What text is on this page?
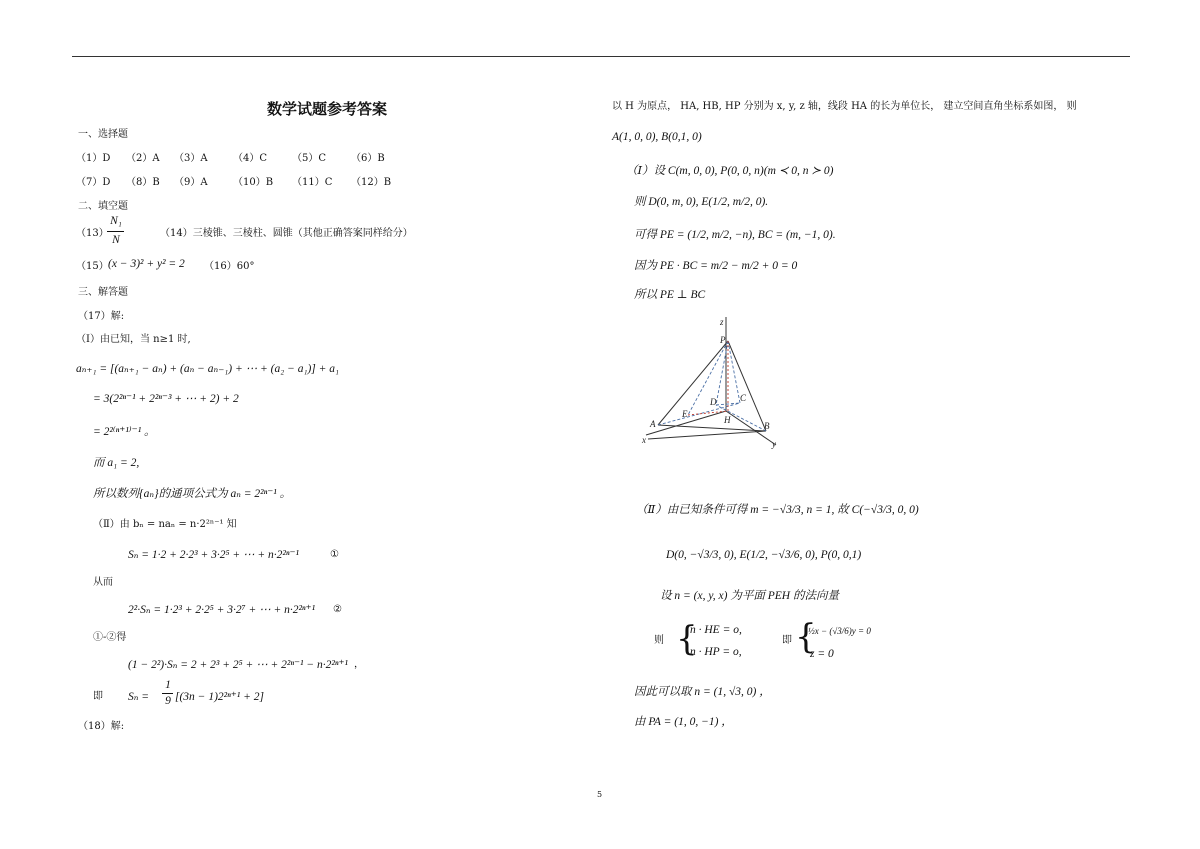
数学试题参考答案
一、选择题
（1）D （2）A （3）A	（4）C （5）C （6）B
（7）D （8）B （9）A	（10）B （11）C （12）B
二、填空题
（13）
N₁
N
（14）三棱锥、三棱柱、圆锥（其他正确答案同样给分）
（15） (x − 3)² + y² = 2 （16）60°
三、解答题
（17）解:
（Ⅰ）由已知，当 n≥1 时,
aₙ₊₁ = [(aₙ₊₁ − aₙ) + (aₙ − aₙ₋₁) + ⋯ + (a₂ − a₁)] + a₁
= 3(2²ⁿ⁻¹ + 2²ⁿ⁻³ + ⋯ + 2) + 2
= 2²⁽ⁿ⁺¹⁾⁻¹ 。
而 a₁ = 2,
所以数列{aₙ}的通项公式为 aₙ = 2²ⁿ⁻¹ 。
（Ⅱ）由 bₙ = naₙ = n·2²ⁿ⁻¹ 知
Sₙ = 1·2 + 2·2³ + 3·2⁵ + ⋯ + n·2²ⁿ⁻¹	①
从而
2²·Sₙ = 1·2³ + 2·2⁵ + 3·2⁷ + ⋯ + n·2²ⁿ⁺¹ ②
①-②得
(1 − 2²)·Sₙ = 2 + 2³ + 2⁵ + ⋯ + 2²ⁿ⁻¹ − n·2²ⁿ⁺¹ ，
即 Sₙ =
1
9 [(3n − 1)2²ⁿ⁺¹ + 2]
（18）解:
以 H 为原点， HA, HB, HP 分别为 x, y, z 轴，线段 HA 的长为单位长， 建立空间直角坐标系如图， 则
A(1, 0, 0), B(0,1, 0)
（Ⅰ）设 C(m, 0, 0), P(0, 0, n)(m ≺ 0, n ≻ 0)
则 D(0, m, 0), E(1/2, m/2, 0).
可得 PE = (1/2, m/2, −n), BC = (m, −1, 0).
因为 PE · BC = m/2 − m/2 + 0 = 0
所以 PE ⊥ BC
z
P
A	B
C
D
E
H
x	y
（Ⅱ）由已知条件可得 m = −√3/3, n = 1, 故 C(−√3/3, 0, 0)
D(0, −√3/3, 0), E(1/2, −√3/6, 0), P(0, 0,1)
设 n = (x, y, x) 为平面 PEH 的法向量
则 {
n · HE = o,
n · HP = o,
即 {
½x − (√3/6)y = 0
z = 0
因此可以取 n = (1, √3, 0) ，
由 PA = (1, 0, −1) ，
5
